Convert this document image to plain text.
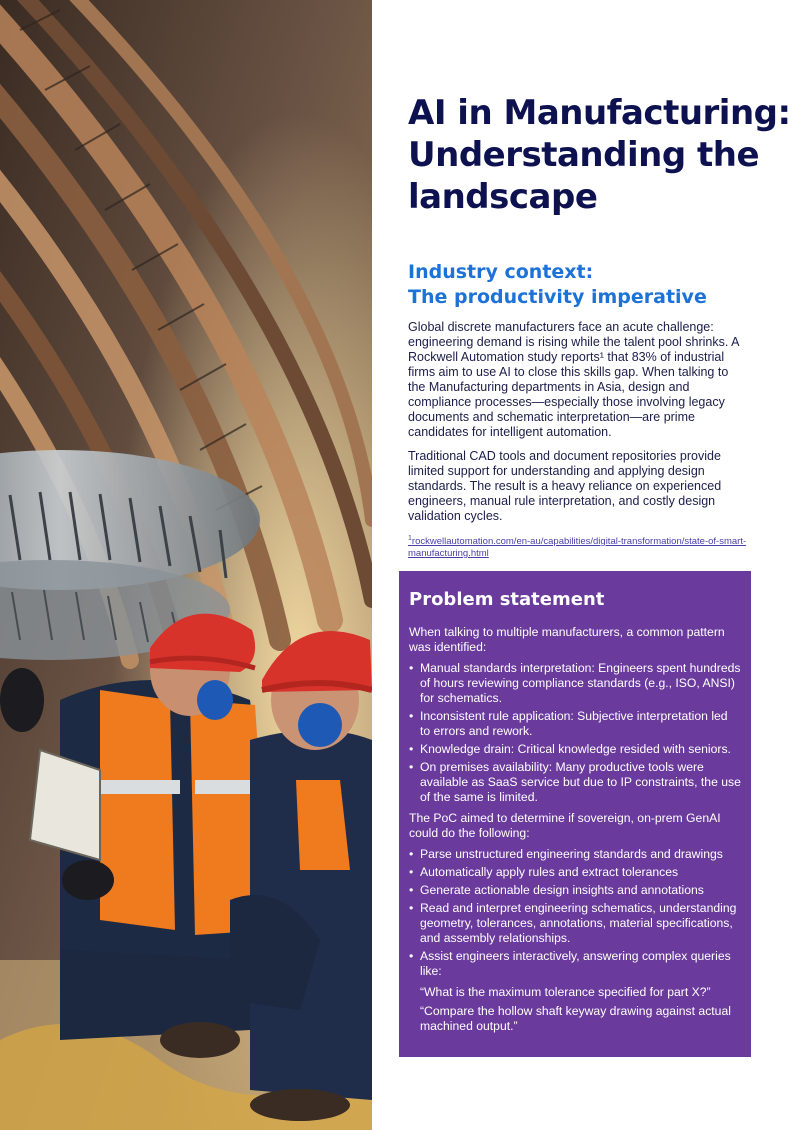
AI in Manufacturing:
Understanding the
landscape
Industry context:
The productivity imperative

Global discrete manufacturers face an acute challenge: engineering demand is rising while the talent pool shrinks. A Rockwell Automation study reports¹ that 83% of industrial firms aim to use AI to close this skills gap. When talking to the Manufacturing departments in Asia, design and compliance processes—especially those involving legacy documents and schematic interpretation—are prime candidates for intelligent automation.

Traditional CAD tools and document repositories provide limited support for understanding and applying design standards. The result is a heavy reliance on experienced engineers, manual rule interpretation, and costly design validation cycles.

$^1$rockwellautomation.com/en-au/capabilities/digital-transformation/state-of-smart-manufacturing.html
Problem statement

When talking to multiple manufacturers, a common pattern was identified:

• Manual standards interpretation: Engineers spent hundreds of hours reviewing compliance standards (e.g., ISO, ANSI) for schematics.
• Inconsistent rule application: Subjective interpretation led to errors and rework.
• Knowledge drain: Critical knowledge resided with seniors.
• On premises availability: Many productive tools were available as SaaS service but due to IP constraints, the use of the same is limited.

The PoC aimed to determine if sovereign, on-prem GenAI could do the following:

• Parse unstructured engineering standards and drawings
• Automatically apply rules and extract tolerances
• Generate actionable design insights and annotations
• Read and interpret engineering schematics, understanding geometry, tolerances, annotations, material specifications, and assembly relationships.
• Assist engineers interactively, answering complex queries like:

“What is the maximum tolerance specified for part X?”

“Compare the hollow shaft keyway drawing against actual machined output.”
